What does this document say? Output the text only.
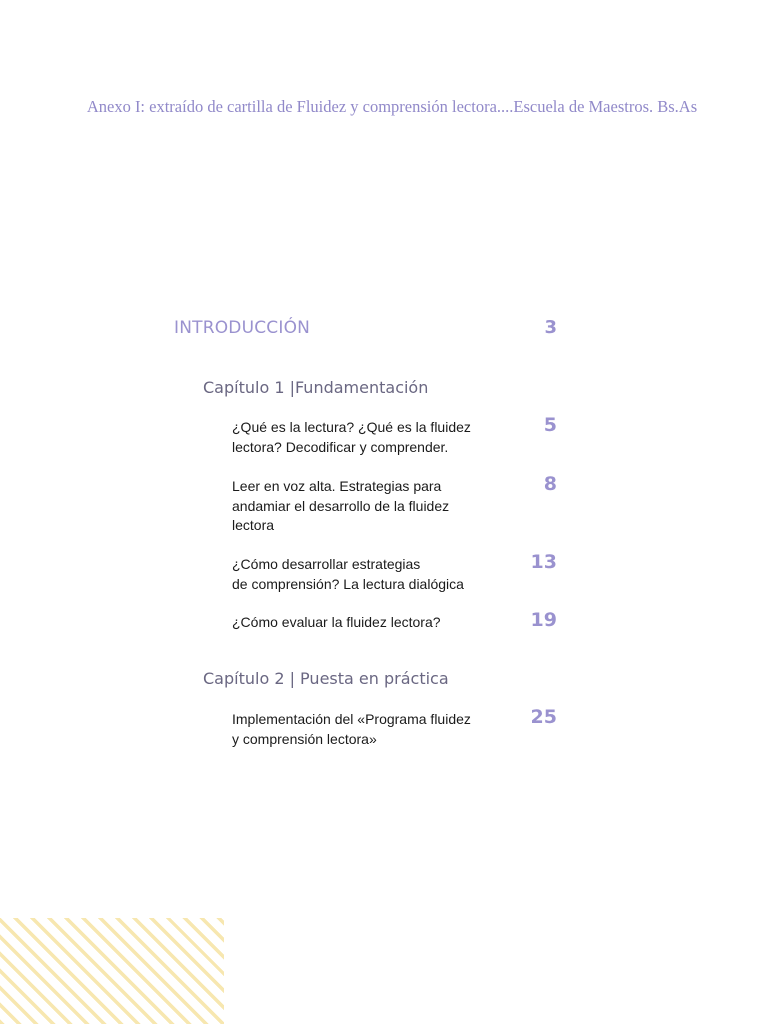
Anexo I: extraído de cartilla de Fluidez y comprensión lectora....Escuela de Maestros. Bs.As
INTRODUCCIÓN	3
Capítulo 1 |Fundamentación
¿Qué es la lectura? ¿Qué es la fluidez
lectora? Decodificar y comprender.
5
Leer en voz alta. Estrategias para
andamiar el desarrollo de la fluidez
lectora
8
¿Cómo desarrollar estrategias
de comprensión? La lectura dialógica
13
¿Cómo evaluar la fluidez lectora?	19
Capítulo 2 | Puesta en práctica
Implementación del «Programa fluidez
y comprensión lectora»
25
